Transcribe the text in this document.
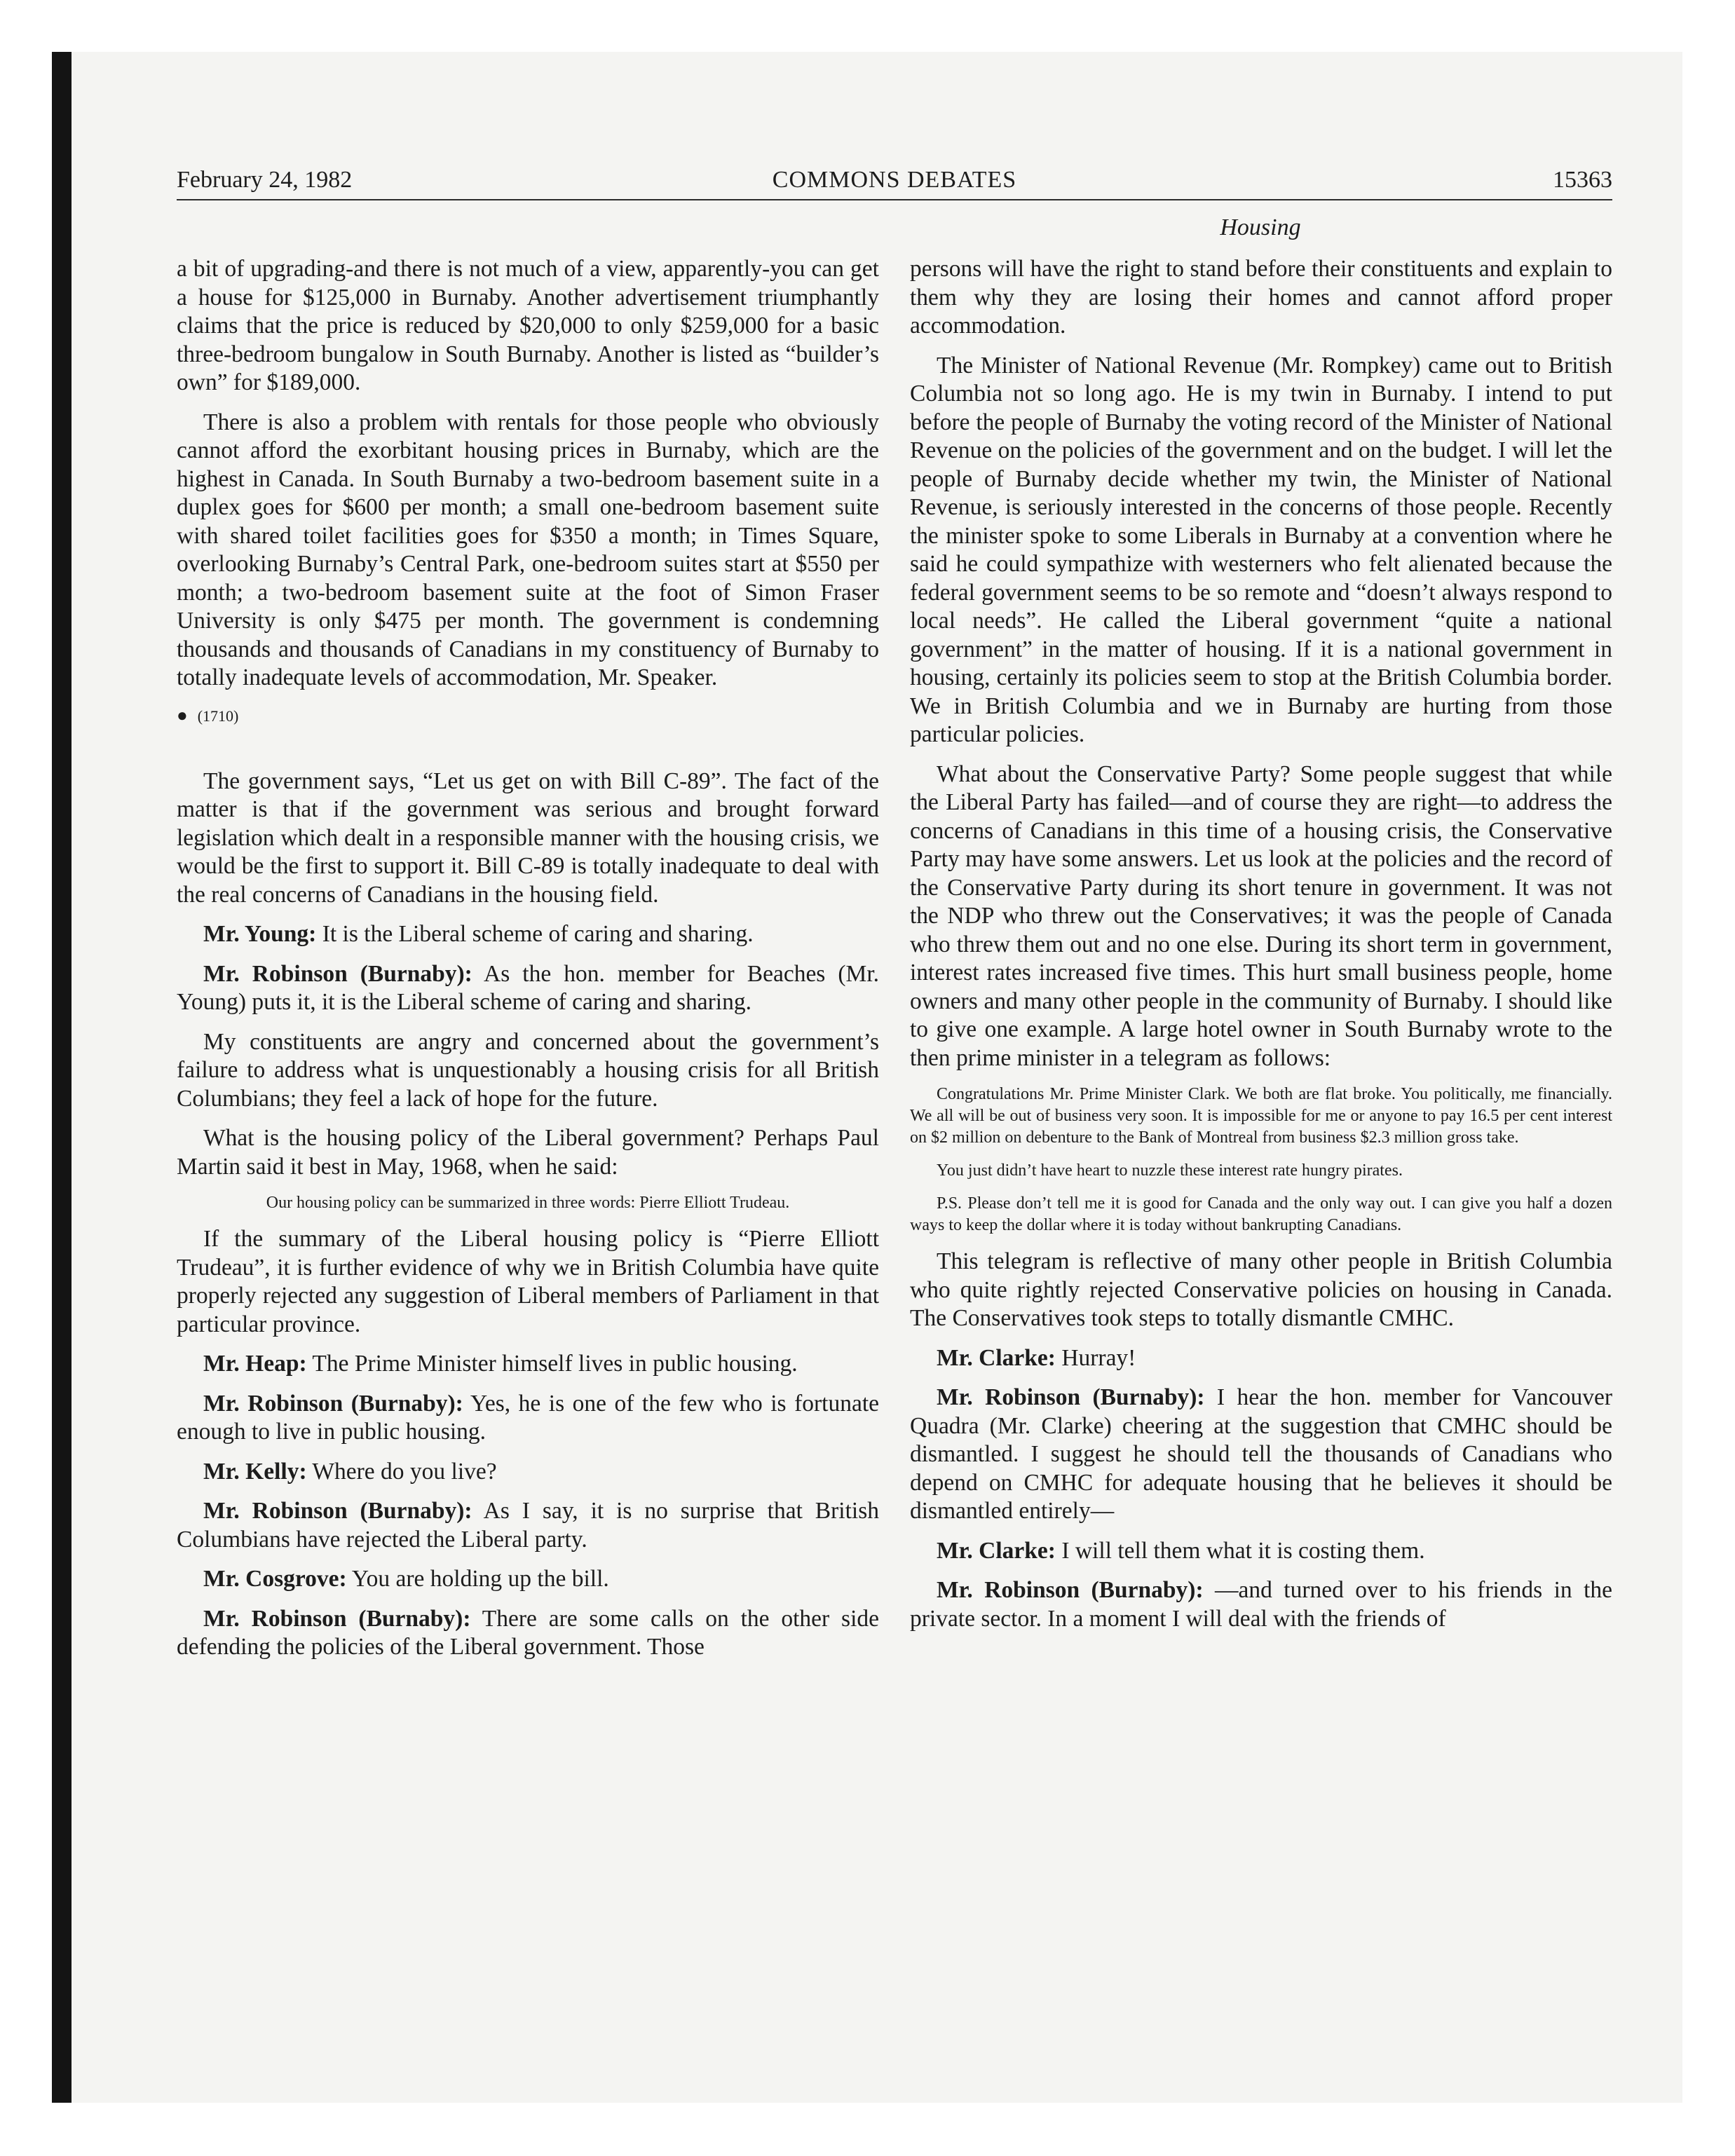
February 24, 1982	COMMONS DEBATES	15363
Housing

a bit of upgrading-and there is not much of a view, apparently-you can get a house for $125,000 in Burnaby. Another advertisement triumphantly claims that the price is reduced by $20,000 to only $259,000 for a basic three-bedroom bungalow in South Burnaby. Another is listed as “builder’s own” for $189,000.

There is also a problem with rentals for those people who obviously cannot afford the exorbitant housing prices in Burnaby, which are the highest in Canada. In South Burnaby a two-bedroom basement suite in a duplex goes for $600 per month; a small one-bedroom basement suite with shared toilet facilities goes for $350 a month; in Times Square, overlooking Burnaby’s Central Park, one-bedroom suites start at $550 per month; a two-bedroom basement suite at the foot of Simon Fraser University is only $475 per month. The government is condemning thousands and thousands of Canadians in my constituency of Burnaby to totally inadequate levels of accommodation, Mr. Speaker.

● (1710)

The government says, “Let us get on with Bill C-89”. The fact of the matter is that if the government was serious and brought forward legislation which dealt in a responsible manner with the housing crisis, we would be the first to support it. Bill C-89 is totally inadequate to deal with the real concerns of Canadians in the housing field.

Mr. Young: It is the Liberal scheme of caring and sharing.

Mr. Robinson (Burnaby): As the hon. member for Beaches (Mr. Young) puts it, it is the Liberal scheme of caring and sharing.

My constituents are angry and concerned about the government’s failure to address what is unquestionably a housing crisis for all British Columbians; they feel a lack of hope for the future.

What is the housing policy of the Liberal government? Perhaps Paul Martin said it best in May, 1968, when he said:

Our housing policy can be summarized in three words: Pierre Elliott Trudeau.

If the summary of the Liberal housing policy is “Pierre Elliott Trudeau”, it is further evidence of why we in British Columbia have quite properly rejected any suggestion of Liberal members of Parliament in that particular province.

Mr. Heap: The Prime Minister himself lives in public housing.

Mr. Robinson (Burnaby): Yes, he is one of the few who is fortunate enough to live in public housing.

Mr. Kelly: Where do you live?

Mr. Robinson (Burnaby): As I say, it is no surprise that British Columbians have rejected the Liberal party.

Mr. Cosgrove: You are holding up the bill.

Mr. Robinson (Burnaby): There are some calls on the other side defending the policies of the Liberal government. Those

persons will have the right to stand before their constituents and explain to them why they are losing their homes and cannot afford proper accommodation.

The Minister of National Revenue (Mr. Rompkey) came out to British Columbia not so long ago. He is my twin in Burnaby. I intend to put before the people of Burnaby the voting record of the Minister of National Revenue on the policies of the government and on the budget. I will let the people of Burnaby decide whether my twin, the Minister of National Revenue, is seriously interested in the concerns of those people. Recently the minister spoke to some Liberals in Burnaby at a convention where he said he could sympathize with westerners who felt alienated because the federal government seems to be so remote and “doesn’t always respond to local needs”. He called the Liberal government “quite a national government” in the matter of housing. If it is a national government in housing, certainly its policies seem to stop at the British Columbia border. We in British Columbia and we in Burnaby are hurting from those particular policies.

What about the Conservative Party? Some people suggest that while the Liberal Party has failed—and of course they are right—to address the concerns of Canadians in this time of a housing crisis, the Conservative Party may have some answers. Let us look at the policies and the record of the Conservative Party during its short tenure in government. It was not the NDP who threw out the Conservatives; it was the people of Canada who threw them out and no one else. During its short term in government, interest rates increased five times. This hurt small business people, home owners and many other people in the community of Burnaby. I should like to give one example. A large hotel owner in South Burnaby wrote to the then prime minister in a telegram as follows:

Congratulations Mr. Prime Minister Clark. We both are flat broke. You politically, me financially. We all will be out of business very soon. It is impossible for me or anyone to pay 16.5 per cent interest on $2 million on debenture to the Bank of Montreal from business $2.3 million gross take.

You just didn’t have heart to nuzzle these interest rate hungry pirates.

P.S. Please don’t tell me it is good for Canada and the only way out. I can give you half a dozen ways to keep the dollar where it is today without bankrupting Canadians.

This telegram is reflective of many other people in British Columbia who quite rightly rejected Conservative policies on housing in Canada. The Conservatives took steps to totally dismantle CMHC.

Mr. Clarke: Hurray!

Mr. Robinson (Burnaby): I hear the hon. member for Vancouver Quadra (Mr. Clarke) cheering at the suggestion that CMHC should be dismantled. I suggest he should tell the thousands of Canadians who depend on CMHC for adequate housing that he believes it should be dismantled entirely—

Mr. Clarke: I will tell them what it is costing them.

Mr. Robinson (Burnaby): —and turned over to his friends in the private sector. In a moment I will deal with the friends of
